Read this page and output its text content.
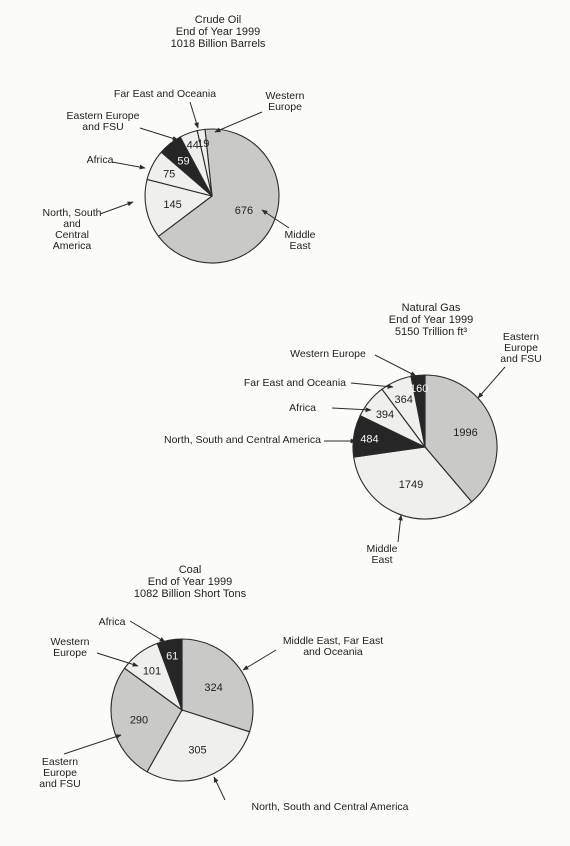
Crude Oil
End of Year 1999
1018 Billion Barrels
676
145
75
59
44
19
Middle
East
North, South
and
Central
America
Africa
Eastern Europe
and FSU
Far East and Oceania	Western
Europe
Natural Gas
End of Year 1999
5150 Trillion ft³
1996
1749
484
394
364
160
Eastern
Europe
and FSU
Middle
East
North, South and Central America
Africa
Far East and Oceania
Western Europe
Coal
End of Year 1999
1082 Billion Short Tons
324
305
290
101
61
Middle East, Far East
and Oceania
North, South and Central America
Eastern
Europe
and FSU
Western
Europe
Africa
